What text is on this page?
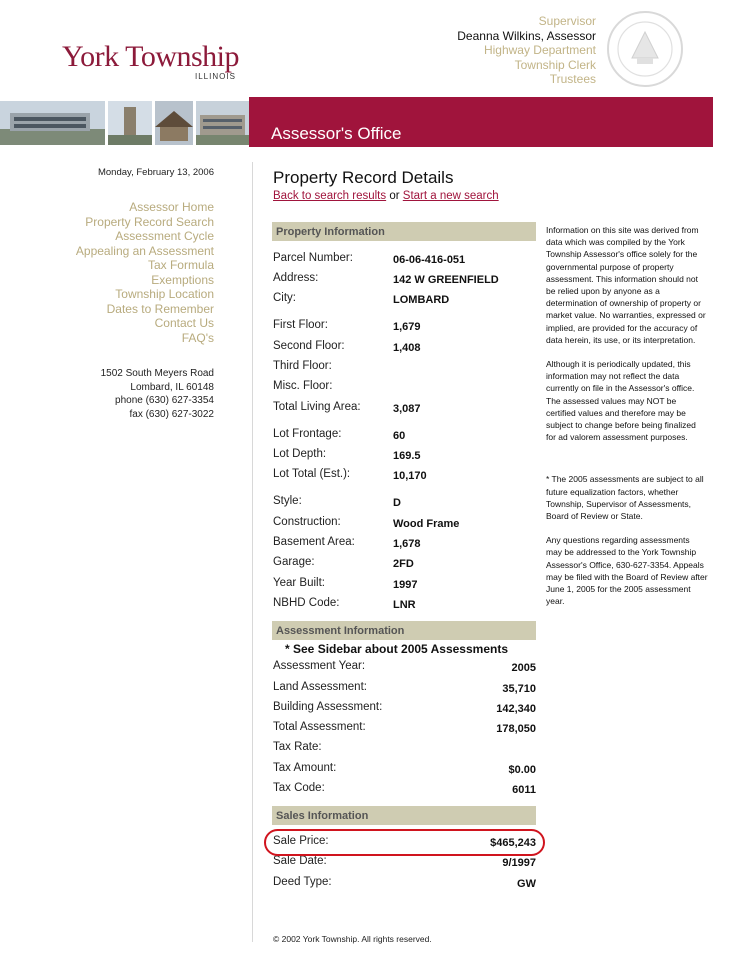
York Township
ILLINOIS
Supervisor
Deanna Wilkins, Assessor
Highway Department
Township Clerk
Trustees
Assessor's Office
Monday, February 13, 2006
Assessor Home
Property Record Search
Assessment Cycle
Appealing an Assessment
Tax Formula
Exemptions
Township Location
Dates to Remember
Contact Us
FAQ's
1502 South Meyers Road
Lombard, IL 60148
phone (630) 627-3354
fax (630) 627-3022
Property Record Details
Back to search results or Start a new search
Property Information
Parcel Number:	06-06-416-051
Address:	142 W GREENFIELD
City:	LOMBARD
First Floor:	1,679
Second Floor:	1,408
Third Floor:
Misc. Floor:
Total Living Area:	3,087
Lot Frontage:	60
Lot Depth:	169.5
Lot Total (Est.):	10,170
Style:	D
Construction:	Wood Frame
Basement Area:	1,678
Garage:	2FD
Year Built:	1997
NBHD Code:	LNR
Assessment Information
* See Sidebar about 2005 Assessments
Assessment Year:	2005
Land Assessment:	35,710
Building Assessment:	142,340
Total Assessment:	178,050
Tax Rate:
Tax Amount:	$0.00
Tax Code:	6011
Sales Information
Sale Price:	$465,243
Sale Date:	9/1997
Deed Type:	GW

Information on this site was derived from data which was compiled by the York Township Assessor's office solely for the governmental purpose of property assessment. This information should not be relied upon by anyone as a determination of ownership of property or market value. No warranties, expressed or implied, are provided for the accuracy of data herein, its use, or its interpretation.

Although it is periodically updated, this information may not reflect the data currently on file in the Assessor's office. The assessed values may NOT be certified values and therefore may be subject to change before being finalized for ad valorem assessment purposes.

* The 2005 assessments are subject to all future equalization factors, whether Township, Supervisor of Assessments, Board of Review or State.

Any questions regarding assessments may be addressed to the York Township Assessor's Office, 630-627-3354. Appeals may be filed with the Board of Review after June 1, 2005 for the 2005 assessment year.

© 2002 York Township. All rights reserved.
